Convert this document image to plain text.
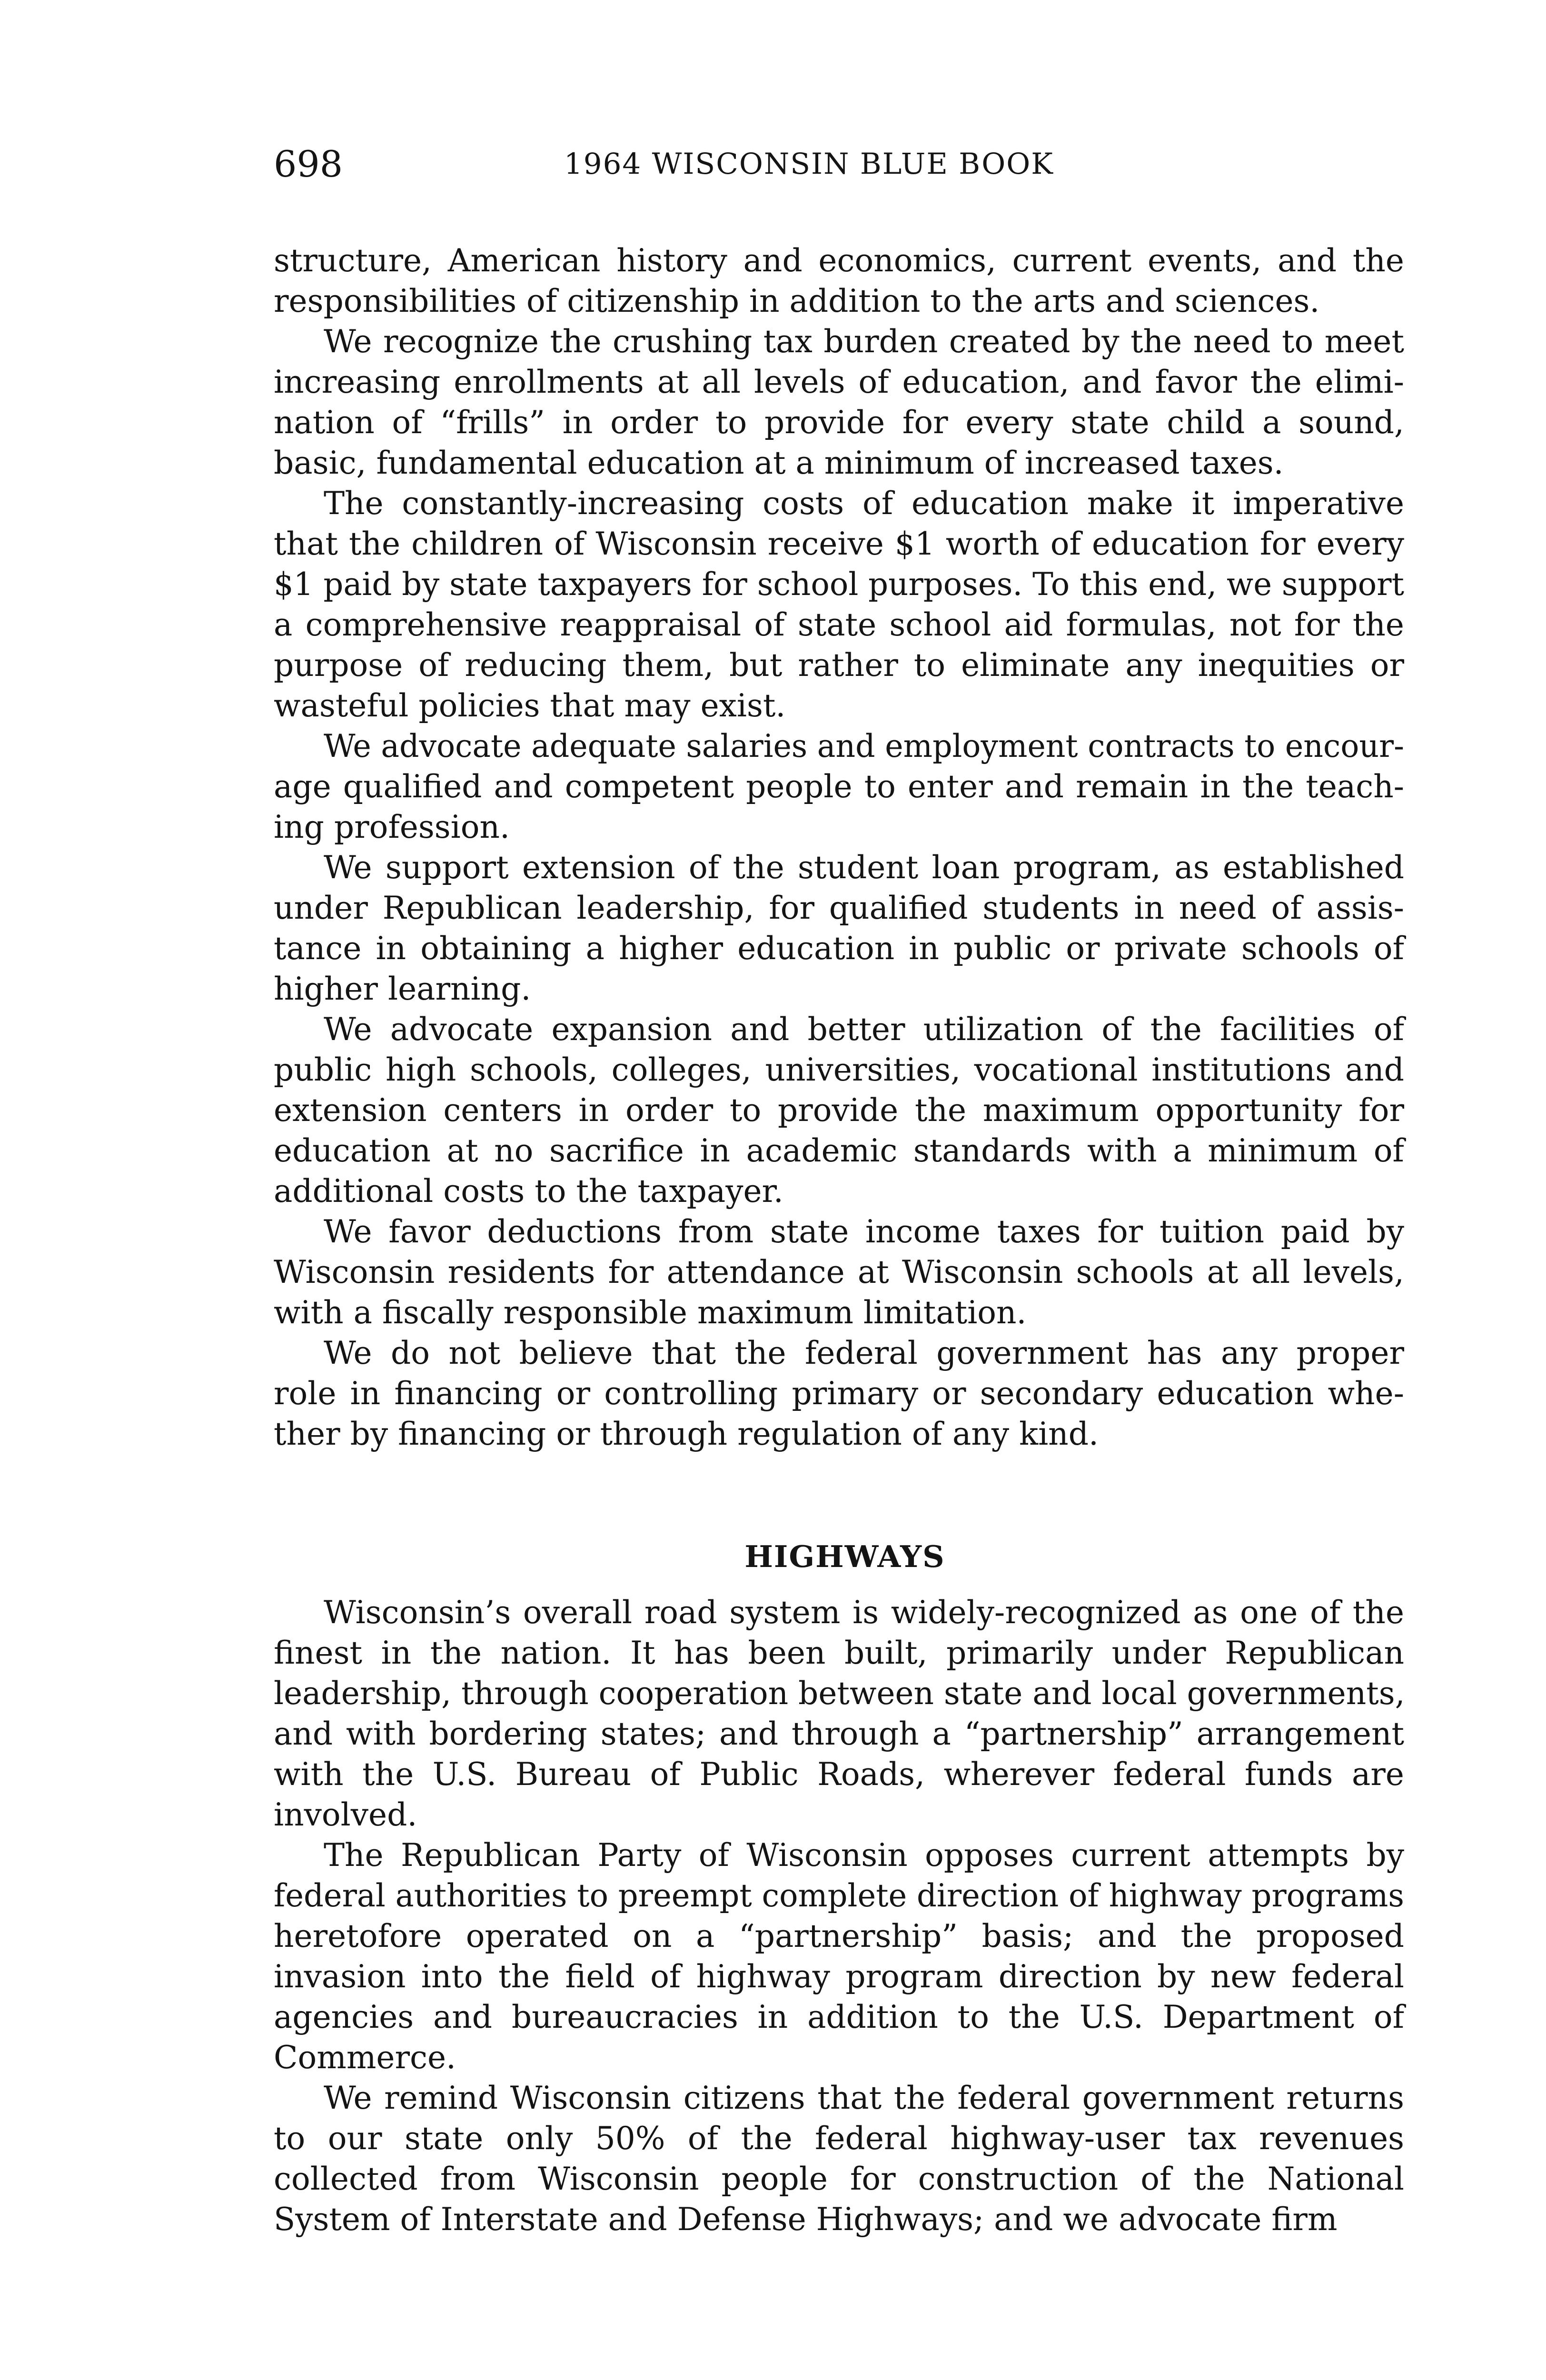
698	1964 WISCONSIN BLUE BOOK
structure, American history and economics, current events, and the
responsibilities of citizenship in addition to the arts and sciences.
We recognize the crushing tax burden created by the need to meet
increasing enrollments at all levels of education, and favor the elimi-
nation of “frills” in order to provide for every state child a sound,
basic, fundamental education at a minimum of increased taxes.
The constantly-increasing costs of education make it imperative
that the children of Wisconsin receive $1 worth of education for every
$1 paid by state taxpayers for school purposes. To this end, we support
a comprehensive reappraisal of state school aid formulas, not for the
purpose of reducing them, but rather to eliminate any inequities or
wasteful policies that may exist.
We advocate adequate salaries and employment contracts to encour-
age qualified and competent people to enter and remain in the teach-
ing profession.
We support extension of the student loan program, as established
under Republican leadership, for qualified students in need of assis-
tance in obtaining a higher education in public or private schools of
higher learning.
We advocate expansion and better utilization of the facilities of
public high schools, colleges, universities, vocational institutions and
extension centers in order to provide the maximum opportunity for
education at no sacrifice in academic standards with a minimum of
additional costs to the taxpayer.
We favor deductions from state income taxes for tuition paid by
Wisconsin residents for attendance at Wisconsin schools at all levels,
with a fiscally responsible maximum limitation.
We do not believe that the federal government has any proper
role in financing or controlling primary or secondary education whe-
ther by financing or through regulation of any kind.
HIGHWAYS
Wisconsin’s overall road system is widely-recognized as one of the
finest in the nation. It has been built, primarily under Republican
leadership, through cooperation between state and local governments,
and with bordering states; and through a “partnership” arrangement
with the U.S. Bureau of Public Roads, wherever federal funds are
involved.
The Republican Party of Wisconsin opposes current attempts by
federal authorities to preempt complete direction of highway programs
heretofore operated on a “partnership” basis; and the proposed
invasion into the field of highway program direction by new federal
agencies and bureaucracies in addition to the U.S. Department of
Commerce.
We remind Wisconsin citizens that the federal government returns
to our state only 50% of the federal highway-user tax revenues
collected from Wisconsin people for construction of the National
System of Interstate and Defense Highways; and we advocate firm
